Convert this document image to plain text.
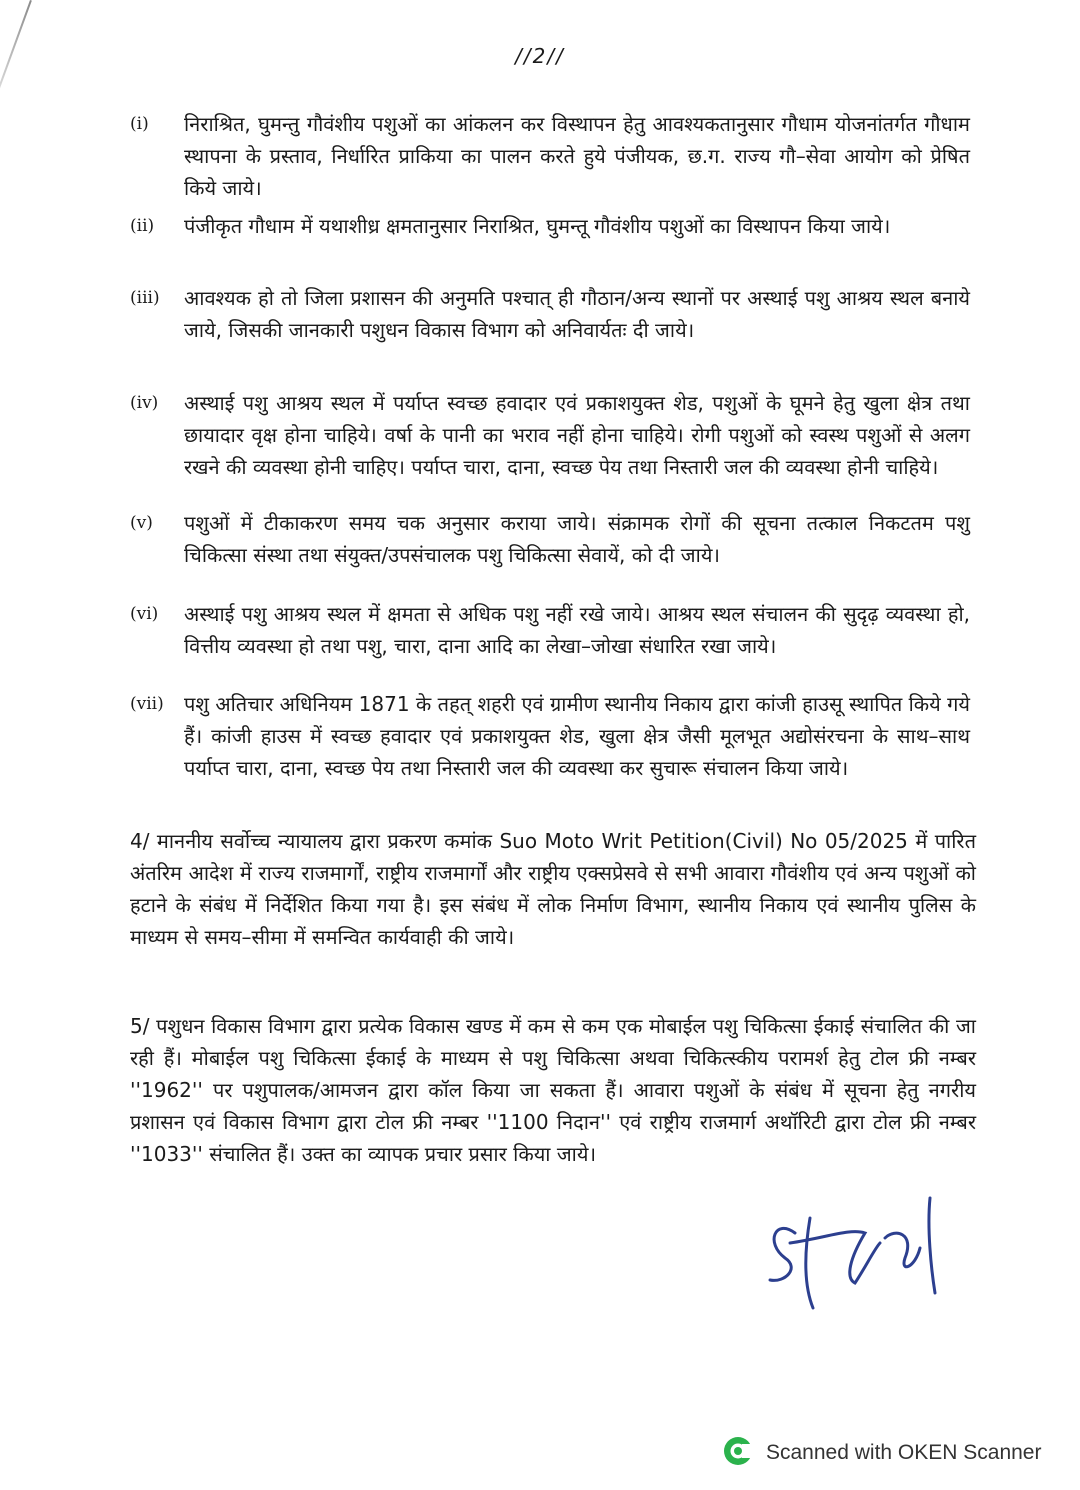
//2//
(i)	निराश्रित, घुमन्तु गौवंशीय पशुओं का आंकलन कर विस्थापन हेतु आवश्यकतानुसार गौधाम योजनांतर्गत गौधाम स्थापना के प्रस्ताव, निर्धारित प्राकिया का पालन करते हुये पंजीयक, छ.ग. राज्य गौ–सेवा आयोग को प्रेषित किये जाये।
(ii)	पंजीकृत गौधाम में यथाशीध्र क्षमतानुसार निराश्रित, घुमन्तू गौवंशीय पशुओं का विस्थापन किया जाये।
(iii)	आवश्यक हो तो जिला प्रशासन की अनुमति पश्चात् ही गौठान/अन्य स्थानों पर अस्थाई पशु आश्रय स्थल बनाये जाये, जिसकी जानकारी पशुधन विकास विभाग को अनिवार्यतः दी जाये।
(iv)	अस्थाई पशु आश्रय स्थल में पर्याप्त स्वच्छ हवादार एवं प्रकाशयुक्त शेड, पशुओं के घूमने हेतु खुला क्षेत्र तथा छायादार वृक्ष होना चाहिये। वर्षा के पानी का भराव नहीं होना चाहिये। रोगी पशुओं को स्वस्थ पशुओं से अलग रखने की व्यवस्था होनी चाहिए। पर्याप्त चारा, दाना, स्वच्छ पेय तथा निस्तारी जल की व्यवस्था होनी चाहिये।
(v)	पशुओं में टीकाकरण समय चक अनुसार कराया जाये। संक्रामक रोगों की सूचना तत्काल निकटतम पशु चिकित्सा संस्था तथा संयुक्त/उपसंचालक पशु चिकित्सा सेवायें, को दी जाये।
(vi)	अस्थाई पशु आश्रय स्थल में क्षमता से अधिक पशु नहीं रखे जाये। आश्रय स्थल संचालन की सुदृढ़ व्यवस्था हो, वित्तीय व्यवस्था हो तथा पशु, चारा, दाना आदि का लेखा–जोखा संधारित रखा जाये।
(vii)	पशु अतिचार अधिनियम 1871 के तहत् शहरी एवं ग्रामीण स्थानीय निकाय द्वारा कांजी हाउसू स्थापित किये गये हैं। कांजी हाउस में स्वच्छ हवादार एवं प्रकाशयुक्त शेड, खुला क्षेत्र जैसी मूलभूत अद्योसंरचना के साथ–साथ पर्याप्त चारा, दाना, स्वच्छ पेय तथा निस्तारी जल की व्यवस्था कर सुचारू संचालन किया जाये।
4/ माननीय सर्वोच्च न्यायालय द्वारा प्रकरण कमांक Suo Moto Writ Petition(Civil) No 05/2025 में पारित अंतरिम आदेश में राज्य राजमार्गों, राष्ट्रीय राजमार्गों और राष्ट्रीय एक्सप्रेसवे से सभी आवारा गौवंशीय एवं अन्य पशुओं को हटाने के संबंध में निर्देशित किया गया है। इस संबंध में लोक निर्माण विभाग, स्थानीय निकाय एवं स्थानीय पुलिस के माध्यम से समय–सीमा में समन्वित कार्यवाही की जाये।
5/ पशुधन विकास विभाग द्वारा प्रत्येक विकास खण्ड में कम से कम एक मोबाईल पशु चिकित्सा ईकाई संचालित की जा रही हैं। मोबाईल पशु चिकित्सा ईकाई के माध्यम से पशु चिकित्सा अथवा चिकित्स्कीय परामर्श हेतु टोल फ्री नम्बर ''1962'' पर पशुपालक/आमजन द्वारा कॉल किया जा सकता हैं। आवारा पशुओं के संबंध में सूचना हेतु नगरीय प्रशासन एवं विकास विभाग द्वारा टोल फ्री नम्बर ''1100 निदान'' एवं राष्ट्रीय राजमार्ग अथॉरिटी द्वारा टोल फ्री नम्बर ''1033'' संचालित हैं। उक्त का व्यापक प्रचार प्रसार किया जाये।
Scanned with OKEN Scanner
